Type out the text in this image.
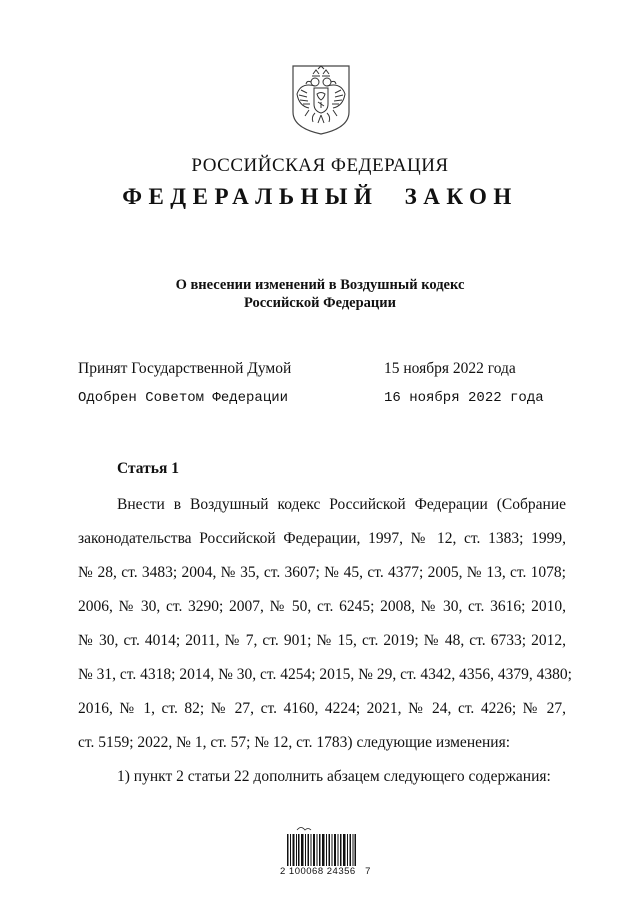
РОССИЙСКАЯ ФЕДЕРАЦИЯ
ФЕДЕРАЛЬНЫЙ ЗАКОН
О внесении изменений в Воздушный кодекс
Российской Федерации
Принят Государственной Думой	15 ноября 2022 года
Одобрен Советом Федерации	16 ноября 2022 года
Статья 1
Внести в Воздушный кодекс Российской Федерации (Собрание
законодательства Российской Федерации, 1997, № 12, ст. 1383; 1999,
№ 28, ст. 3483; 2004, № 35, ст. 3607; № 45, ст. 4377; 2005, № 13, ст. 1078;
2006, № 30, ст. 3290; 2007, № 50, ст. 6245; 2008, № 30, ст. 3616; 2010,
№ 30, ст. 4014; 2011, № 7, ст. 901; № 15, ст. 2019; № 48, ст. 6733; 2012,
№ 31, ст. 4318; 2014, № 30, ст. 4254; 2015, № 29, ст. 4342, 4356, 4379, 4380;
2016, № 1, ст. 82; № 27, ст. 4160, 4224; 2021, № 24, ст. 4226; № 27,
ст. 5159; 2022, № 1, ст. 57; № 12, ст. 1783) следующие изменения:
1) пункт 2 статьи 22 дополнить абзацем следующего содержания:
2 100068 24356   7
